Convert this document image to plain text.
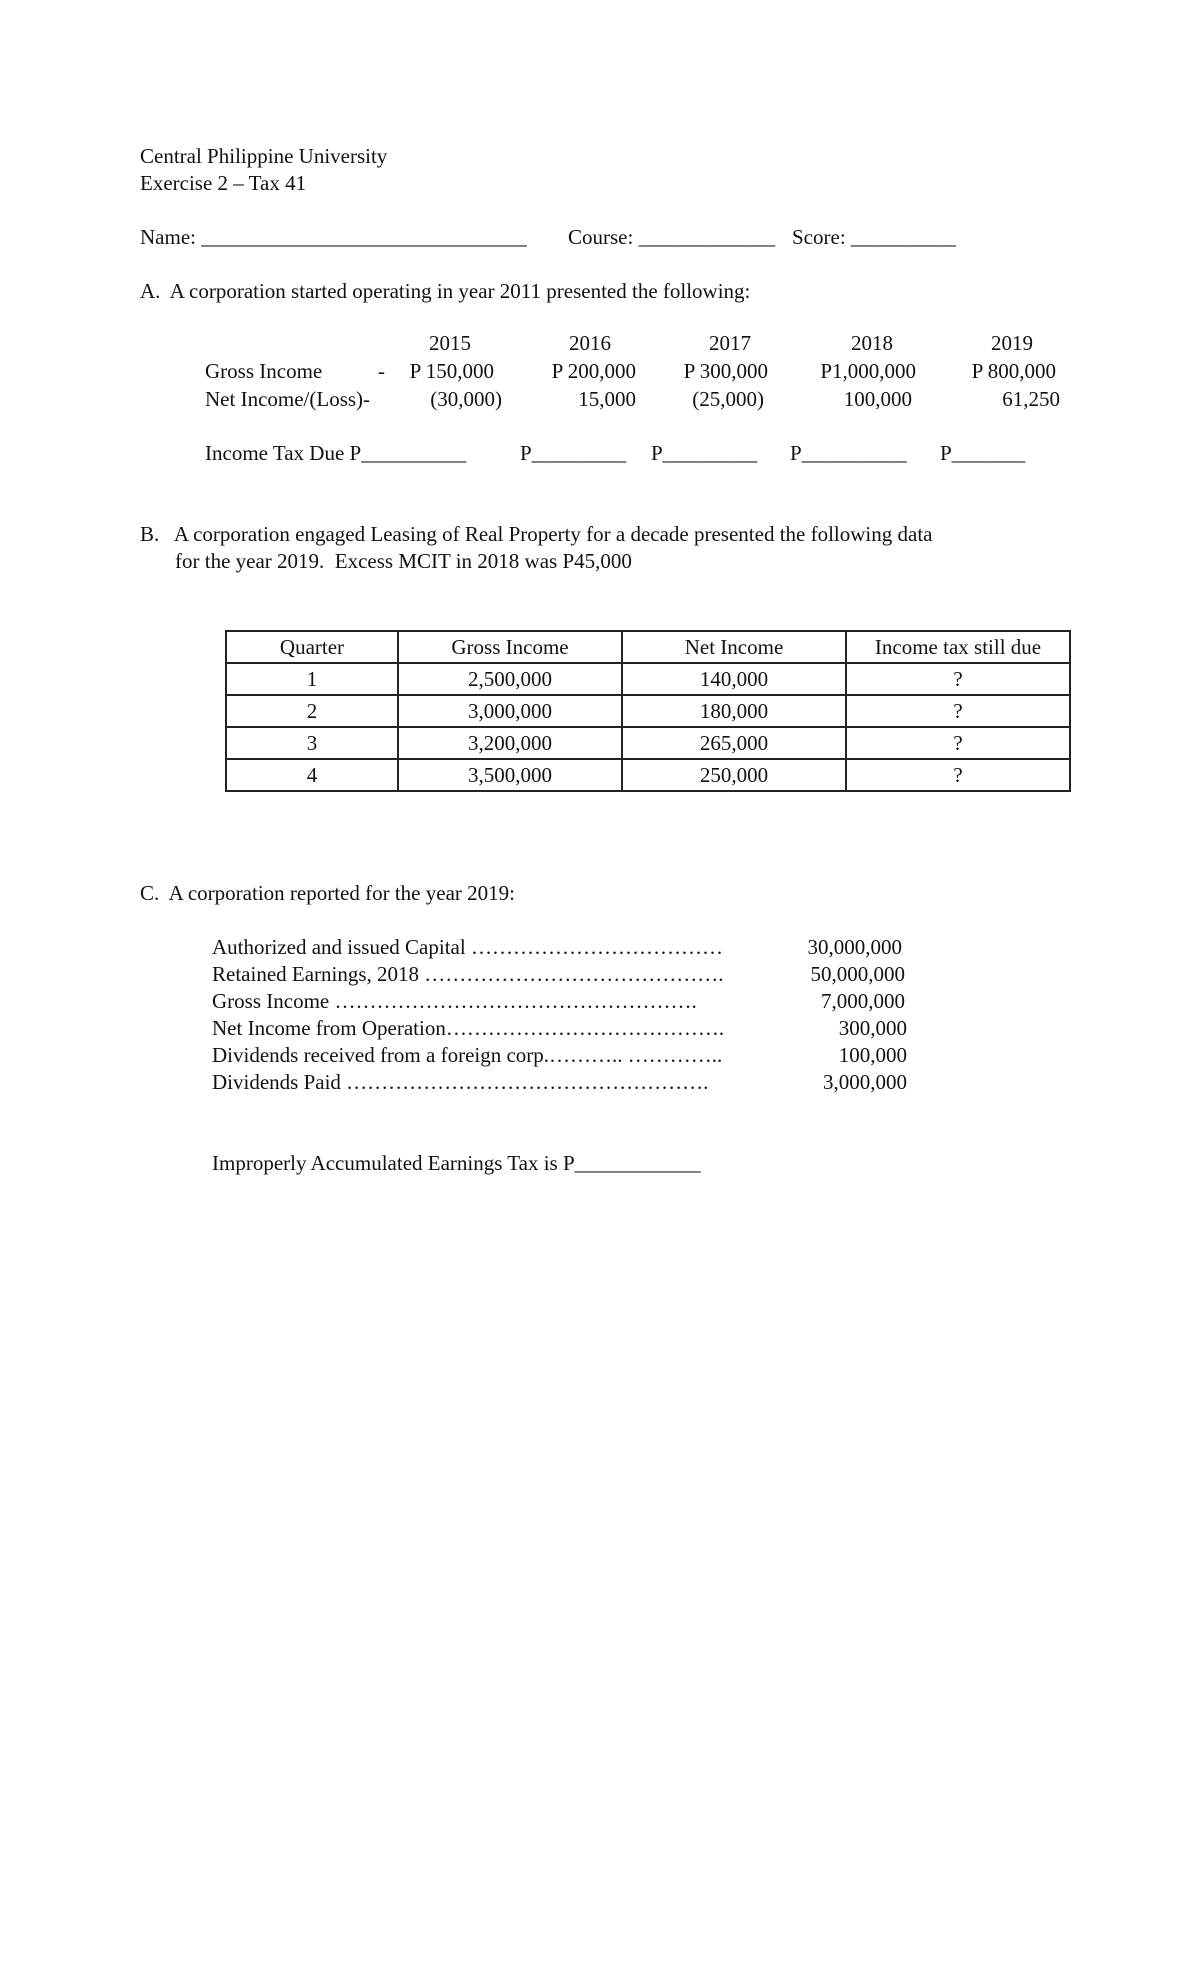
Central Philippine University
Exercise 2 – Tax 41
Name: _______________________________ Course: _____________ Score: __________
A.  A corporation started operating in year 2011 presented the following:
2015	2016	2017	2018	2019
Gross Income	-	P 150,000	P 200,000	P 300,000	P1,000,000	P 800,000
Net Income/(Loss)-	(30,000)	15,000	(25,000)	100,000	61,250
Income Tax Due P__________	P_________ P_________ P__________ P_______
B.   A corporation engaged Leasing of Real Property for a decade presented the following data
for the year 2019.  Excess MCIT in 2018 was P45,000
Quarter	Gross Income	Net Income	Income tax still due
1	2,500,000	140,000	?
2	3,000,000	180,000	?
3	3,200,000	265,000	?
4	3,500,000	250,000	?
C.  A corporation reported for the year 2019:
Authorized and issued Capital ………………………………	30,000,000
Retained Earnings, 2018 …………………………………….	50,000,000
Gross Income …………………………………………….	7,000,000
Net Income from Operation………………………………….	300,000
Dividends received from a foreign corp.……….. …………..	100,000
Dividends Paid …………………………………………….	3,000,000
Improperly Accumulated Earnings Tax is P____________
